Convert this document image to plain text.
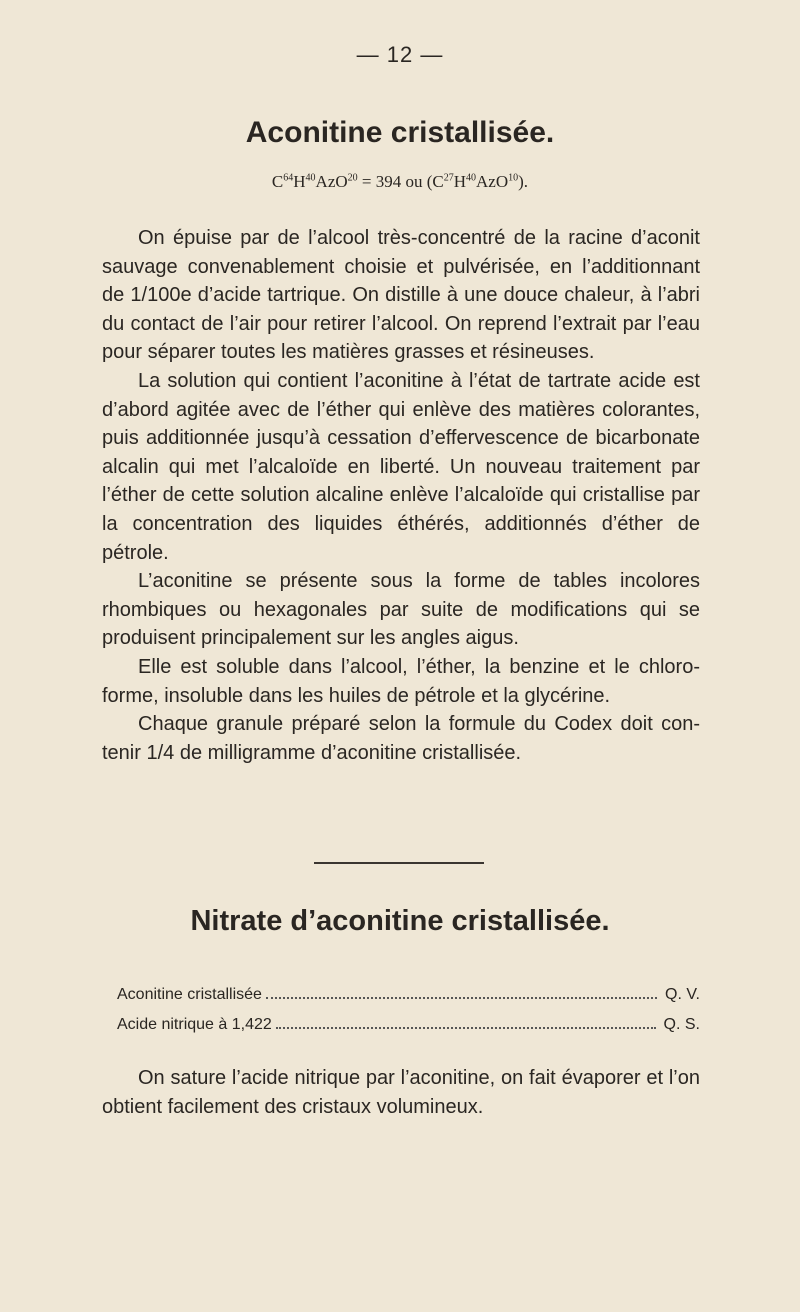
— 12 —
Aconitine cristallisée.
$C^{64}H^{40}AzO^{20} = 394$ ou $(C^{27}H^{40}AzO^{10})$.

On épuise par de l’alcool très-concentré de la racine d’aconit sauvage convenablement choisie et pulvérisée, en l’additionnant de 1/100e d’acide tartrique. On distille à une douce chaleur, à l’abri du contact de l’air pour retirer l’alcool. On reprend l’extrait par l’eau pour séparer toutes les matières grasses et résineuses.

La solution qui contient l’aconitine à l’état de tartrate acide est d’abord agitée avec de l’éther qui enlève des matières colorantes, puis additionnée jusqu’à cessation d’effervescence de bicarbonate alcalin qui met l’alcaloïde en liberté. Un nouveau traitement par l’éther de cette solution alcaline enlève l’alcaloïde qui cristallise par la concentration des liquides éthérés, additionnés d’éther de pétrole.

L’aconitine se présente sous la forme de tables incolores rhombiques ou hexagonales par suite de modifications qui se produisent principalement sur les angles aigus.

Elle est soluble dans l’alcool, l’éther, la benzine et le chloroforme, insoluble dans les huiles de pétrole et la glycérine.

Chaque granule préparé selon la formule du Codex doit contenir 1/4 de milligramme d’aconitine cristallisée.

Nitrate d’aconitine cristallisée.
Aconitine cristallisée	Q. V.
Acide nitrique à 1,422	Q. S.

On sature l’acide nitrique par l’aconitine, on fait évaporer et l’on obtient facilement des cristaux volumineux.
